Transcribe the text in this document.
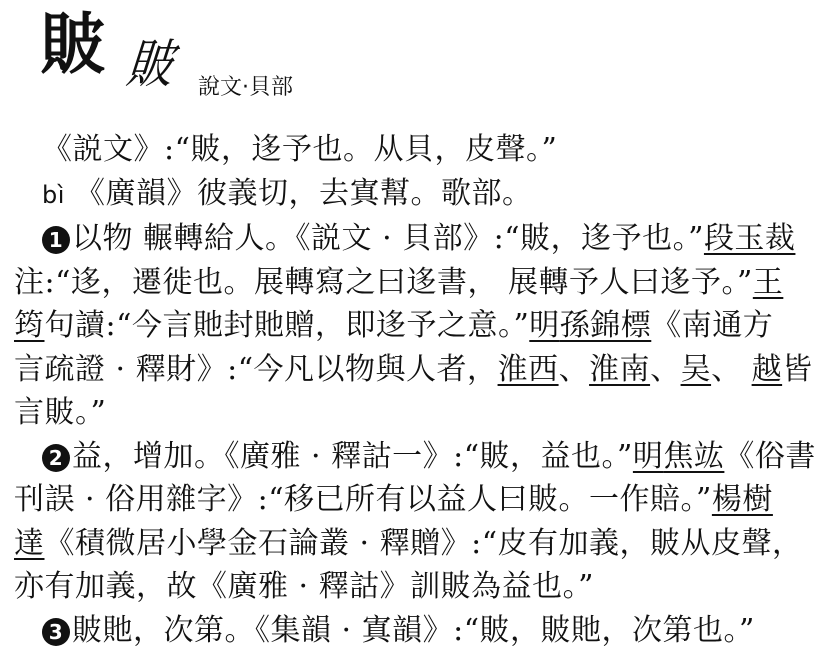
貱 貱 說文·貝部
《説文》:“貱，迻予也。从貝，皮聲。”
bì 《廣韻》彼義切，去寘幫。歌部。
1 以物 輾轉給人。《説文 · 貝部》:“貱，迻予也。”段玉裁
注:“迻，遷徙也。展轉寫之曰迻書， 展轉予人曰迻予。”王
筠句讀:“今言貤封貤贈，即迻予之意。”明孫錦標《南通方
言疏證 · 釋財》:“今凡以物與人者，淮西、淮南、吴、 越皆
言貱。”
2 益，增加。《廣雅 · 釋詁一》:“貱，益也。”明焦竑《俗書
刊誤 · 俗用雜字》:“移已所有以益人曰貱。一作賠。”楊樹
達《積微居小學金石論叢 · 釋贈》:“皮有加義，貱从皮聲，
亦有加義，故《廣雅 · 釋詁》訓貱為益也。”
3 貱貤，次第。《集韻 · 寘韻》:“貱，貱貤，次第也。”
